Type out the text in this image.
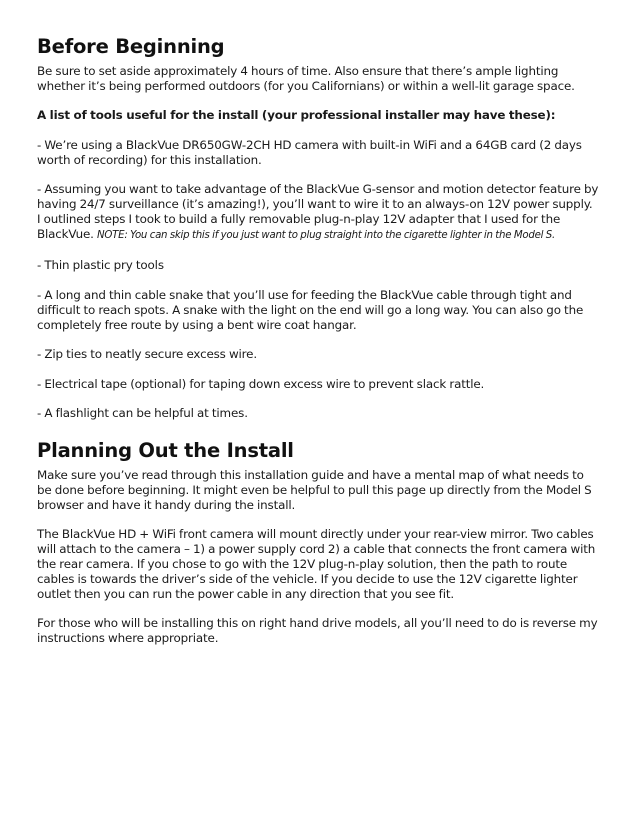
Before Beginning

Be sure to set aside approximately 4 hours of time. Also ensure that there’s ample lighting whether it’s being performed outdoors (for you Californians) or within a well-lit garage space.

A list of tools useful for the install (your professional installer may have these):

- We’re using a BlackVue DR650GW-2CH HD camera with built-in WiFi and a 64GB card (2 days worth of recording) for this installation.

- Assuming you want to take advantage of the BlackVue G-sensor and motion detector feature by having 24/7 surveillance (it’s amazing!), you’ll want to wire it to an always-on 12V power supply. I outlined steps I took to build a fully removable plug-n-play 12V adapter that I used for the BlackVue. NOTE: You can skip this if you just want to plug straight into the cigarette lighter in the Model S.

- Thin plastic pry tools

- A long and thin cable snake that you’ll use for feeding the BlackVue cable through tight and difficult to reach spots. A snake with the light on the end will go a long way. You can also go the completely free route by using a bent wire coat hangar.

- Zip ties to neatly secure excess wire.

- Electrical tape (optional) for taping down excess wire to prevent slack rattle.

- A flashlight can be helpful at times.

Planning Out the Install

Make sure you’ve read through this installation guide and have a mental map of what needs to be done before beginning. It might even be helpful to pull this page up directly from the Model S browser and have it handy during the install.

The BlackVue HD + WiFi front camera will mount directly under your rear-view mirror. Two cables will attach to the camera – 1) a power supply cord 2) a cable that connects the front camera with the rear camera. If you chose to go with the 12V plug-n-play solution, then the path to route cables is towards the driver’s side of the vehicle. If you decide to use the 12V cigarette lighter outlet then you can run the power cable in any direction that you see fit.

For those who will be installing this on right hand drive models, all you’ll need to do is reverse my instructions where appropriate.
